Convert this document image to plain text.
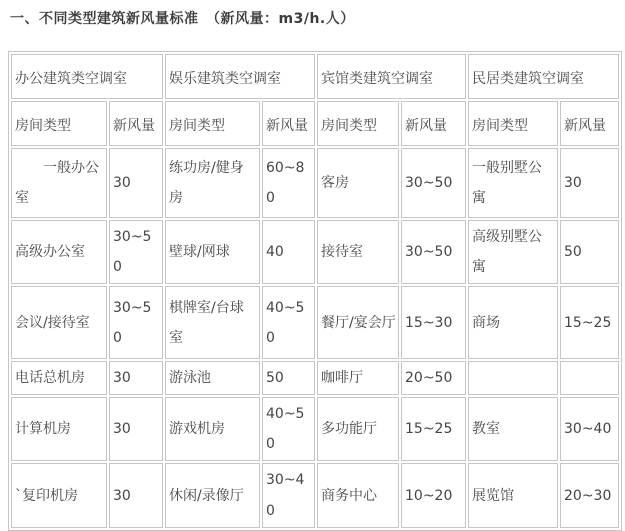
一、不同类型建筑新风量标准　（新风量：m3/h.人）
办公建筑类空调室		娱乐建筑类空调室		宾馆类建筑空调室		民居类建筑空调室	
房间类型	新风量	房间类型	新风量	房间类型	新风量	房间类型	新风量
　　一般办公室	30	练功房/健身房	60~80	客房	30~50	一般别墅公寓	30
高级办公室	30~50	壁球/网球	40	接待室	30~50	高级别墅公寓	50
会议/接待室	30~50	棋牌室/台球室	40~50	餐厅/宴会厅	15~30	商场	15~25
电话总机房	30	游泳池	50	咖啡厅	20~50		
计算机房	30	游戏机房	40~50	多功能厅	15~25	教室	30~40
`复印机房	30	休闲/录像厅	30~40	商务中心	10~20	展览馆	20~30
